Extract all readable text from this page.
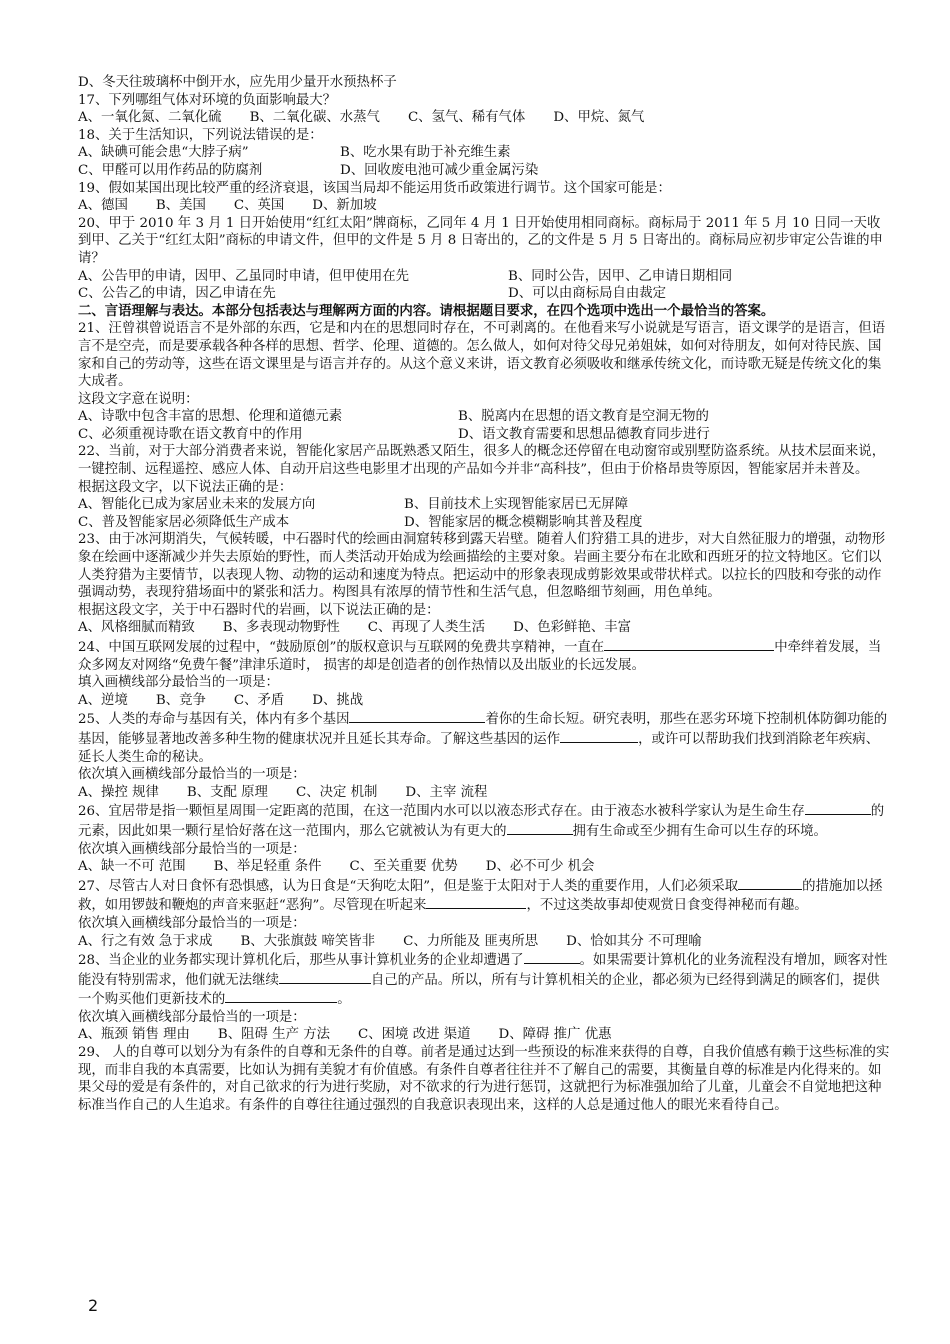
D、冬天往玻璃杯中倒开水，应先用少量开水预热杯子
17、下列哪组气体对环境的负面影响最大？
A、一氧化氮、二氧化硫 B、二氧化碳、水蒸气 C、氢气、稀有气体 D、甲烷、氮气
18、关于生活知识，下列说法错误的是：
A、缺碘可能会患“大脖子病”	B、吃水果有助于补充维生素
C、甲醛可以用作药品的防腐剂	D、回收废电池可减少重金属污染
19、假如某国出现比较严重的经济衰退，该国当局却不能运用货币政策进行调节。这个国家可能是：
A、德国 B、美国 C、英国 D、新加坡
20、甲于 2010 年 3 月 1 日开始使用“红红太阳”牌商标，乙同年 4 月 1 日开始使用相同商标。商标局于 2011 年 5 月 10 日同一天收到甲、乙关于“红红太阳”商标的申请文件，但甲的文件是 5 月 8 日寄出的，乙的文件是 5 月 5 日寄出的。商标局应初步审定公告谁的申请？
A、公告甲的申请，因甲、乙虽同时申请，但甲使用在先	B、同时公告，因甲、乙申请日期相同
C、公告乙的申请，因乙申请在先	D、可以由商标局自由裁定
二、言语理解与表达。本部分包括表达与理解两方面的内容。请根据题目要求，在四个选项中选出一个最恰当的答案。
21、汪曾祺曾说语言不是外部的东西，它是和内在的思想同时存在，不可剥离的。在他看来写小说就是写语言，语文课学的是语言，但语言不是空壳，而是要承载各种各样的思想、哲学、伦理、道德的。怎么做人，如何对待父母兄弟姐妹，如何对待朋友，如何对待民族、国家和自己的劳动等，这些在语文课里是与语言并存的。从这个意义来讲，语文教育必须吸收和继承传统文化，而诗歌无疑是传统文化的集大成者。
这段文字意在说明：
A、诗歌中包含丰富的思想、伦理和道德元素	B、脱离内在思想的语文教育是空洞无物的
C、必须重视诗歌在语文教育中的作用	D、语文教育需要和思想品德教育同步进行
22、当前，对于大部分消费者来说，智能化家居产品既熟悉又陌生，很多人的概念还停留在电动窗帘或别墅防盗系统。从技术层面来说，一键控制、远程遥控、感应人体、自动开启这些电影里才出现的产品如今并非“高科技”，但由于价格昂贵等原因，智能家居并未普及。
根据这段文字，以下说法正确的是：
A、智能化已成为家居业未来的发展方向	B、目前技术上实现智能家居已无屏障
C、普及智能家居必须降低生产成本	D、智能家居的概念模糊影响其普及程度
23、由于冰河期消失，气候转暖，中石器时代的绘画由洞窟转移到露天岩壁。随着人们狩猎工具的进步，对大自然征服力的增强，动物形象在绘画中逐渐减少并失去原始的野性，而人类活动开始成为绘画描绘的主要对象。岩画主要分布在北欧和西班牙的拉文特地区。它们以人类狩猎为主要情节，以表现人物、动物的运动和速度为特点。把运动中的形象表现成剪影效果或带状样式。以拉长的四肢和夸张的动作强调动势，表现狩猎场面中的紧张和活力。构图具有浓厚的情节性和生活气息，但忽略细节刻画，用色单纯。
根据这段文字，关于中石器时代的岩画，以下说法正确的是：
A、风格细腻而精致 B、多表现动物野性 C、再现了人类生活 D、色彩鲜艳、丰富
24、中国互联网发展的过程中，“鼓励原创”的版权意识与互联网的免费共享精神，一直在	中牵绊着发展，当众多网友对网络“免费午餐”津津乐道时， 损害的却是创造者的创作热情以及出版业的长远发展。
填入画横线部分最恰当的一项是：
A、逆境 B、竞争 C、矛盾 D、挑战
25、人类的寿命与基因有关，体内有多个基因	着你的生命长短。研究表明，那些在恶劣环境下控制机体防御功能的基因，能够显著地改善多种生物的健康状况并且延长其寿命。了解这些基因的运作	，或许可以帮助我们找到消除老年疾病、延长人类生命的秘诀。
依次填入画横线部分最恰当的一项是：
A、操控 规律 B、支配 原理 C、决定 机制 D、主宰 流程
26、宜居带是指一颗恒星周围一定距离的范围，在这一范围内水可以以液态形式存在。由于液态水被科学家认为是生命生存	的元素，因此如果一颗行星恰好落在这一范围内，那么它就被认为有更大的	拥有生命或至少拥有生命可以生存的环境。
依次填入画横线部分最恰当的一项是：
A、缺一不可 范围 B、举足轻重 条件 C、至关重要 优势 D、必不可少 机会
27、尽管古人对日食怀有恐惧感，认为日食是“天狗吃太阳”，但是鉴于太阳对于人类的重要作用，人们必须采取	的措施加以拯救，如用锣鼓和鞭炮的声音来驱赶“恶狗”。尽管现在听起来	，不过这类故事却使观赏日食变得神秘而有趣。
依次填入画横线部分最恰当的一项是：
A、行之有效 急于求成 B、大张旗鼓 啼笑皆非 C、力所能及 匪夷所思 D、恰如其分 不可理喻
28、当企业的业务都实现计算机化后，那些从事计算机业务的企业却遭遇了	。如果需要计算机化的业务流程没有增加，顾客对性能没有特别需求，他们就无法继续	自己的产品。所以，所有与计算机相关的企业，都必须为已经得到满足的顾客们，提供一个购买他们更新技术的	。
依次填入画横线部分最恰当的一项是：
A、瓶颈 销售 理由 B、阻碍 生产 方法 C、困境 改进 渠道 D、障碍 推广 优惠
29、 人的自尊可以划分为有条件的自尊和无条件的自尊。前者是通过达到一些预设的标准来获得的自尊，自我价值感有赖于这些标准的实现，而非自我的本真需要，比如认为拥有美貌才有价值感。有条件自尊者往往并不了解自己的需要，其衡量自尊的标准是内化得来的。如果父母的爱是有条件的，对自己欲求的行为进行奖励，对不欲求的行为进行惩罚，这就把行为标准强加给了儿童，儿童会不自觉地把这种标准当作自己的人生追求。有条件的自尊往往通过强烈的自我意识表现出来，这样的人总是通过他人的眼光来看待自己。
2
